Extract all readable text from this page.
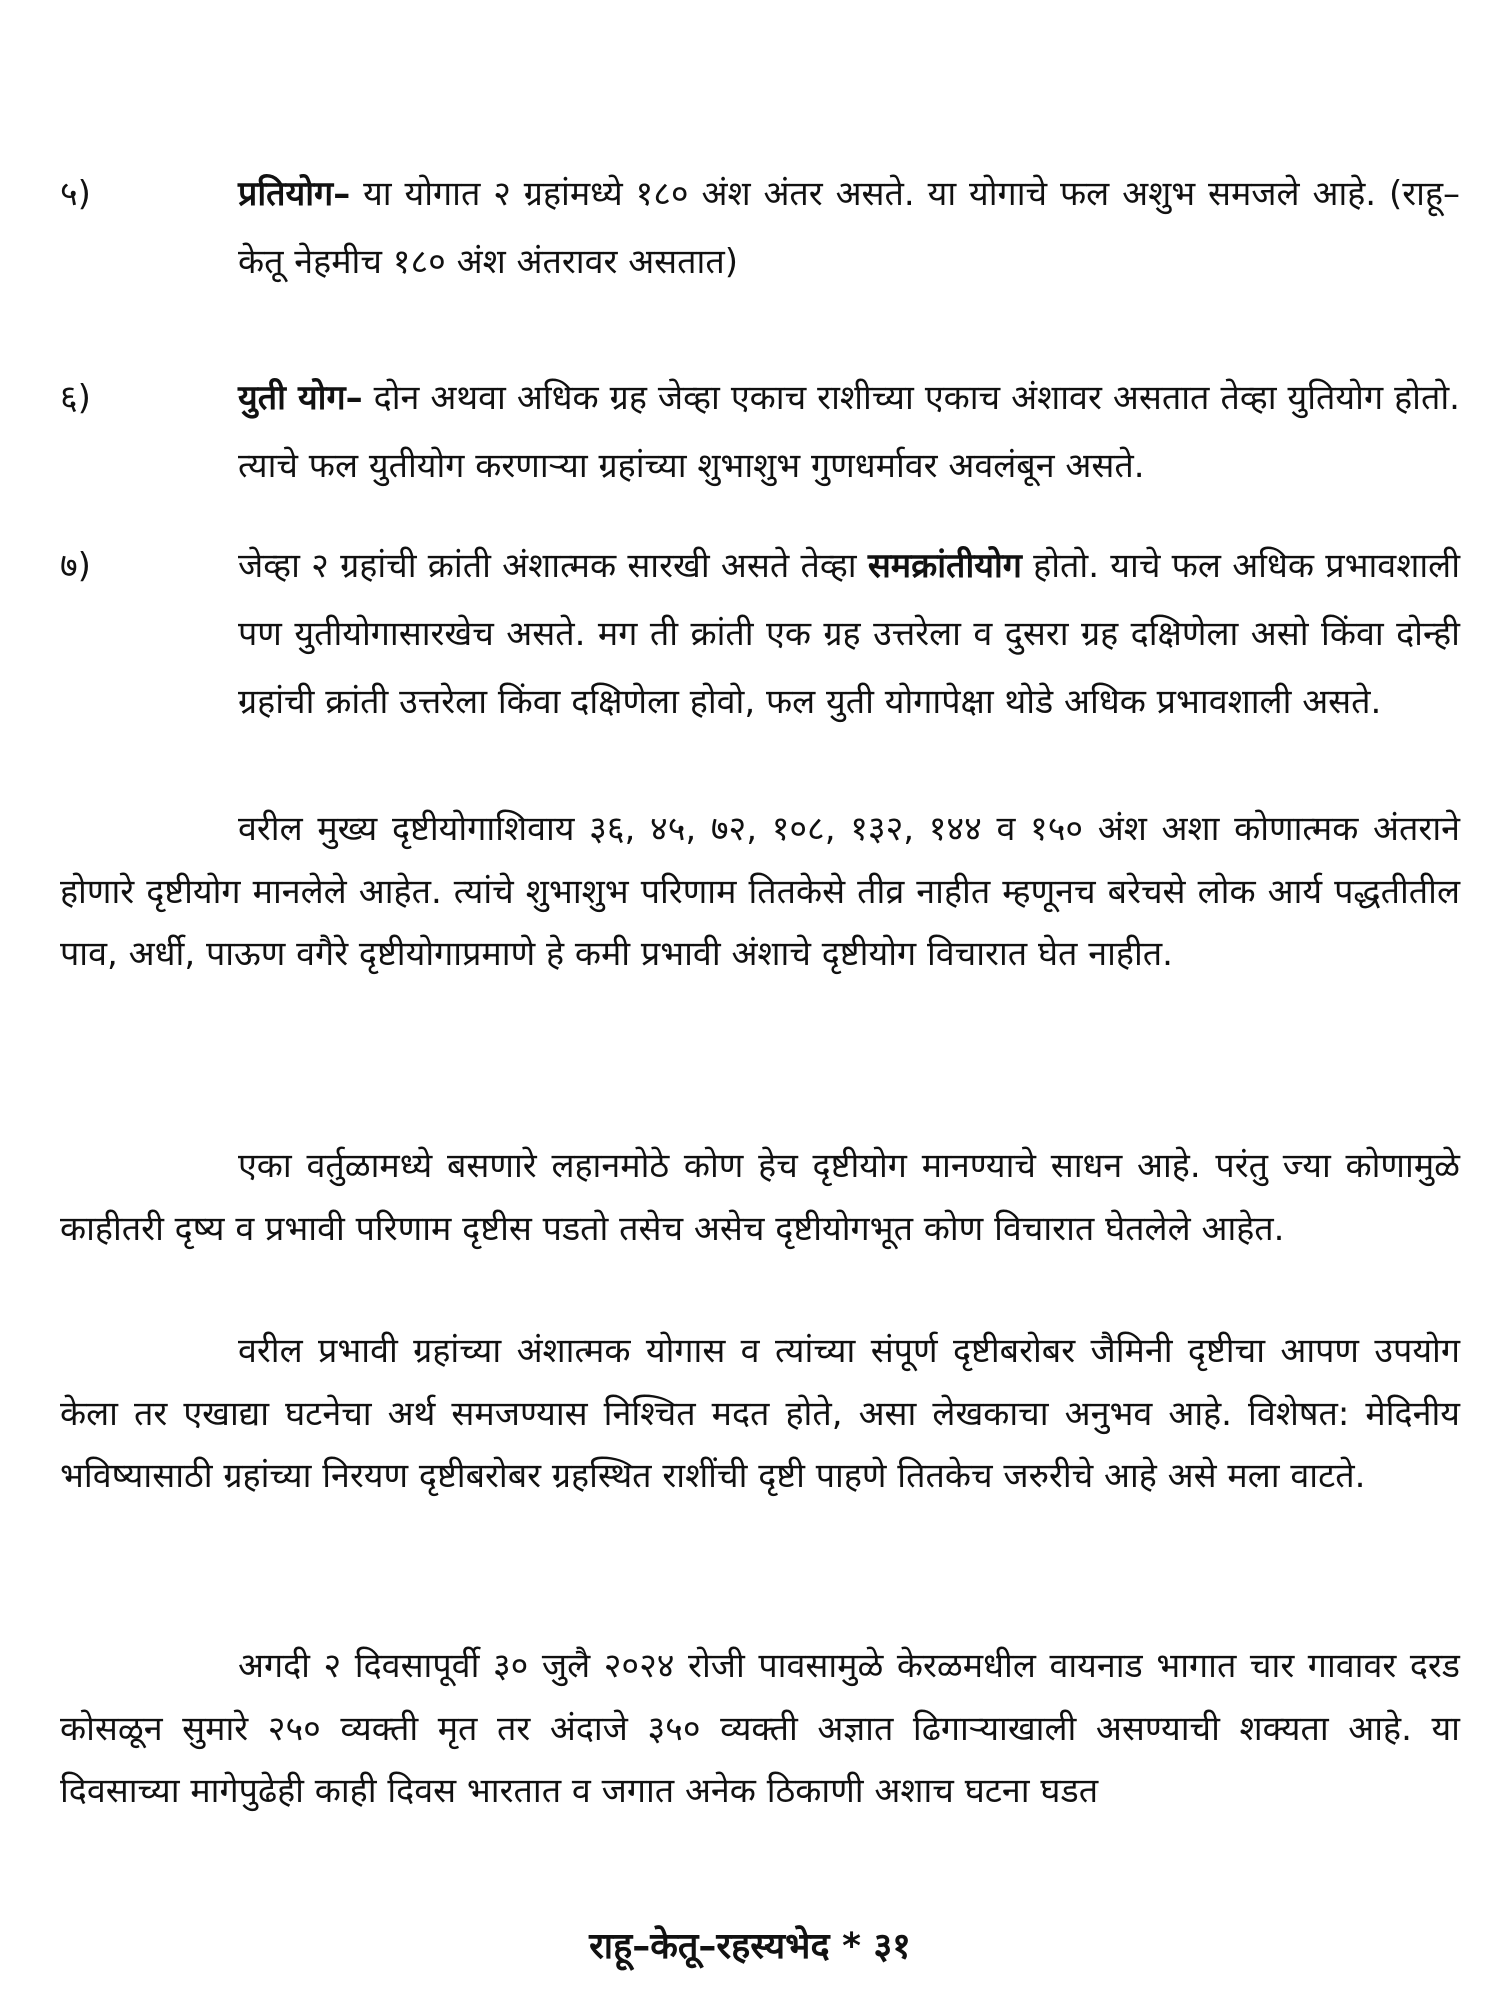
५)	प्रतियोग– या योगात २ ग्रहांमध्ये १८० अंश अंतर असते. या योगाचे फल अशुभ समजले आहे. (राहू–केतू नेहमीच १८० अंश अंतरावर असतात)
६)	युती योग– दोन अथवा अधिक ग्रह जेव्हा एकाच राशीच्या एकाच अंशावर असतात तेव्हा युतियोग होतो. त्याचे फल युतीयोग करणाऱ्या ग्रहांच्या शुभाशुभ गुणधर्मावर अवलंबून असते.
७)	जेव्हा २ ग्रहांची क्रांती अंशात्मक सारखी असते तेव्हा समक्रांतीयोग होतो. याचे फल अधिक प्रभावशाली पण युतीयोगासारखेच असते. मग ती क्रांती एक ग्रह उत्तरेला व दुसरा ग्रह दक्षिणेला असो किंवा दोन्ही ग्रहांची क्रांती उत्तरेला किंवा दक्षिणेला होवो, फल युती योगापेक्षा थोडे अधिक प्रभावशाली असते.

वरील मुख्य दृष्टीयोगाशिवाय ३६, ४५, ७२, १०८, १३२, १४४ व १५० अंश अशा कोणात्मक अंतराने होणारे दृष्टीयोग मानलेले आहेत. त्यांचे शुभाशुभ परिणाम तितकेसे तीव्र नाहीत म्हणूनच बरेचसे लोक आर्य पद्धतीतील पाव, अर्धी, पाऊण वगैरे दृष्टीयोगाप्रमाणे हे कमी प्रभावी अंशाचे दृष्टीयोग विचारात घेत नाहीत.

एका वर्तुळामध्ये बसणारे लहानमोठे कोण हेच दृष्टीयोग मानण्याचे साधन आहे. परंतु ज्या कोणामुळे काहीतरी दृष्य व प्रभावी परिणाम दृष्टीस पडतो तसेच असेच दृष्टीयोगभूत कोण विचारात घेतलेले आहेत.

वरील प्रभावी ग्रहांच्या अंशात्मक योगास व त्यांच्या संपूर्ण दृष्टीबरोबर जैमिनी दृष्टीचा आपण उपयोग केला तर एखाद्या घटनेचा अर्थ समजण्यास निश्चित मदत होते, असा लेखकाचा अनुभव आहे. विशेषत: मेदिनीय भविष्यासाठी ग्रहांच्या निरयण दृष्टीबरोबर ग्रहस्थित राशींची दृष्टी पाहणे तितकेच जरुरीचे आहे असे मला वाटते.

अगदी २ दिवसापूर्वी ३० जुलै २०२४ रोजी पावसामुळे केरळमधील वायनाड भागात चार गावावर दरड कोसळून सुमारे २५० व्यक्ती मृत तर अंदाजे ३५० व्यक्ती अज्ञात ढिगाऱ्याखाली असण्याची शक्यता आहे. या दिवसाच्या मागेपुढेही काही दिवस भारतात व जगात अनेक ठिकाणी अशाच घटना घडत

राहू–केतू–रहस्यभेद * ३१
